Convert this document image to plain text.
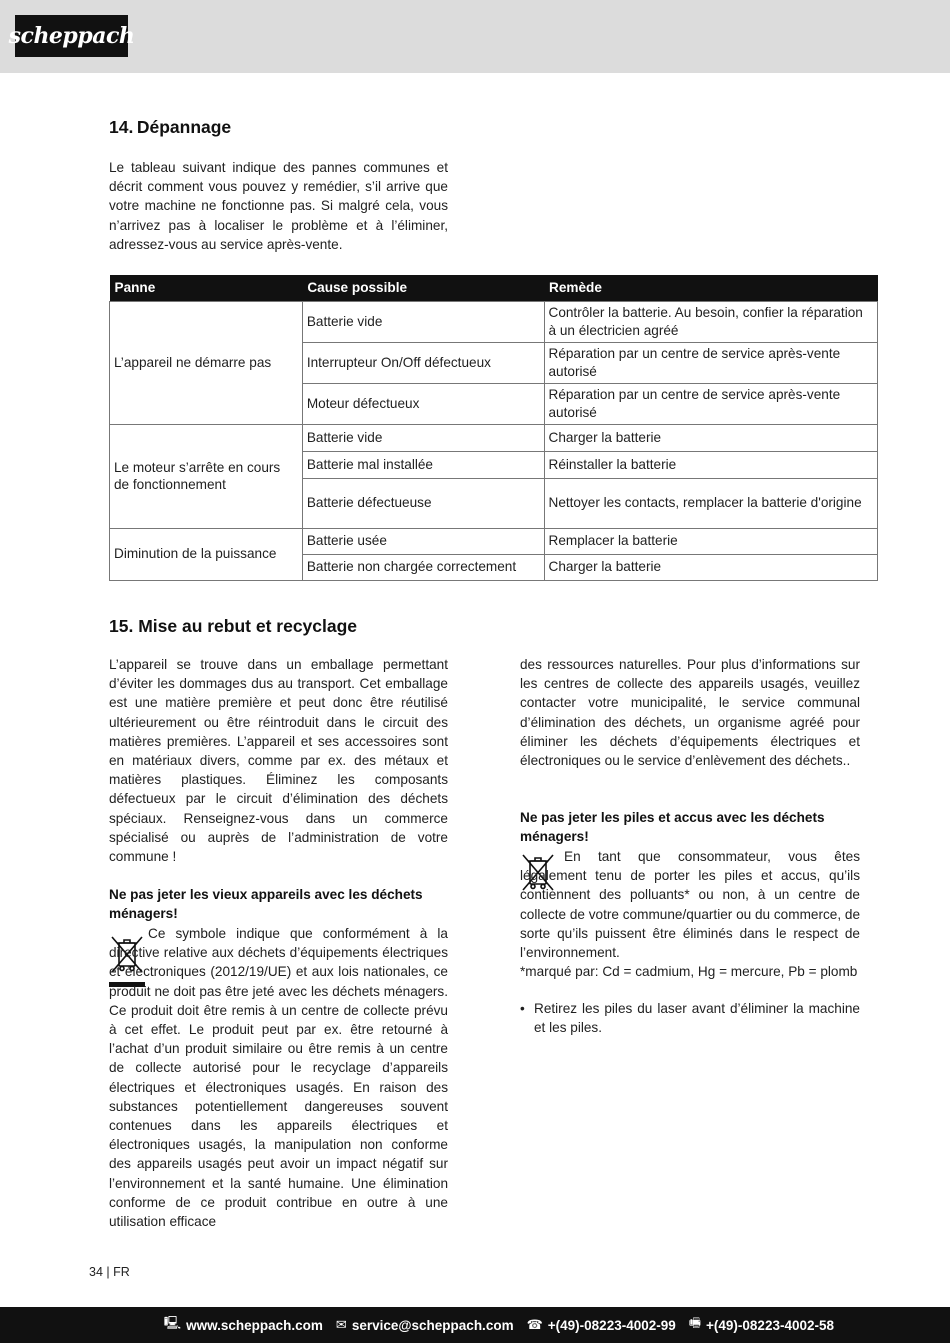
scheppach
14. Dépannage
Le tableau suivant indique des pannes communes et décrit comment vous pouvez y remédier, s’il arrive que votre machine ne fonctionne pas. Si malgré cela, vous n’arrivez pas à localiser le problème et à l’éliminer, adressez-vous au service après-vente.
Panne	Cause possible	Remède
L’appareil ne démarre pas	Batterie vide	Contrôler la batterie. Au besoin, confier la réparation à un électricien agréé
	Interrupteur On/Off défectueux	Réparation par un centre de service après-vente autorisé
	Moteur défectueux	Réparation par un centre de service après-vente autorisé
Le moteur s’arrête en cours de fonctionnement	Batterie vide	Charger la batterie
	Batterie mal installée	Réinstaller la batterie
	Batterie défectueuse	Nettoyer les contacts, remplacer la batterie d'origine
Diminution de la puissance	Batterie usée	Remplacer la batterie
	Batterie non chargée correctement	Charger la batterie
15. Mise au rebut et recyclage
L’appareil se trouve dans un emballage permettant d’éviter les dommages dus au transport. Cet emballage est une matière première et peut donc être réutilisé ultérieurement ou être réintroduit dans le circuit des matières premières. L’appareil et ses accessoires sont en matériaux divers, comme par ex. des métaux et matières plastiques. Éliminez les composants défectueux par le circuit d’élimination des déchets spéciaux. Renseignez-vous dans un commerce spécialisé ou auprès de l’administration de votre commune !
Ne pas jeter les vieux appareils avec les déchets ménagers!
Ce symbole indique que conformément à la directive relative aux déchets d’équipements électriques et électroniques (2012/19/UE) et aux lois nationales, ce produit ne doit pas être jeté avec les déchets ménagers. Ce produit doit être remis à un centre de collecte prévu à cet effet. Le produit peut par ex. être retourné à l’achat d’un produit similaire ou être remis à un centre de collecte autorisé pour le recyclage d’appareils électriques et électroniques usagés. En raison des substances potentiellement dangereuses souvent contenues dans les appareils électriques et électroniques usagés, la manipulation non conforme des appareils usagés peut avoir un impact négatif sur l’environnement et la santé humaine. Une élimination conforme de ce produit contribue en outre à une utilisation efficace
des ressources naturelles. Pour plus d’informations sur les centres de collecte des appareils usagés, veuillez contacter votre municipalité, le service communal d’élimination des déchets, un organisme agréé pour éliminer les déchets d’équipements électriques et électroniques ou le service d’enlèvement des déchets..
Ne pas jeter les piles et accus avec les déchets ménagers!
En tant que consommateur, vous êtes légalement tenu de porter les piles et accus, qu’ils contiennent des polluants* ou non, à un centre de collecte de votre commune/quartier ou du commerce, de sorte qu’ils puissent être éliminés dans le respect de l’environnement.
*marqué par: Cd = cadmium, Hg = mercure, Pb = plomb
• Retirez les piles du laser avant d’éliminer la machine et les piles.
34 | FR
🖳 www.scheppach.com ✉ service@scheppach.com ☎ +(49)-08223-4002-99 🖷 +(49)-08223-4002-58
